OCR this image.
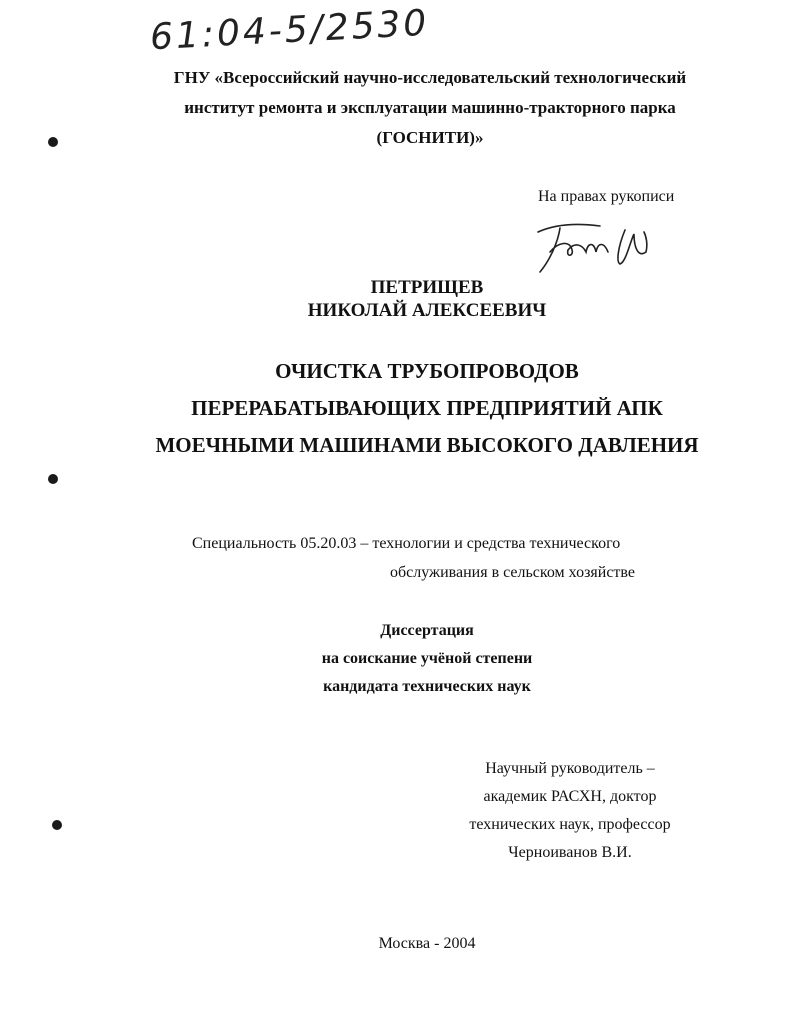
61:04-5/2530
ГНУ «Всероссийский научно-исследовательский технологический
институт ремонта и эксплуатации машинно-тракторного парка
(ГОСНИТИ)»
На правах рукописи
ПЕТРИЩЕВ
НИКОЛАЙ АЛЕКСЕЕВИЧ
ОЧИСТКА ТРУБОПРОВОДОВ
ПЕРЕРАБАТЫВАЮЩИХ ПРЕДПРИЯТИЙ АПК
МОЕЧНЫМИ МАШИНАМИ ВЫСОКОГО ДАВЛЕНИЯ
Специальность 05.20.03 – технологии и средства технического
обслуживания в сельском хозяйстве
Диссертация
на соискание учёной степени
кандидата технических наук
Научный руководитель –
академик РАСХН, доктор
технических наук, профессор
Черноиванов В.И.
Москва - 2004
